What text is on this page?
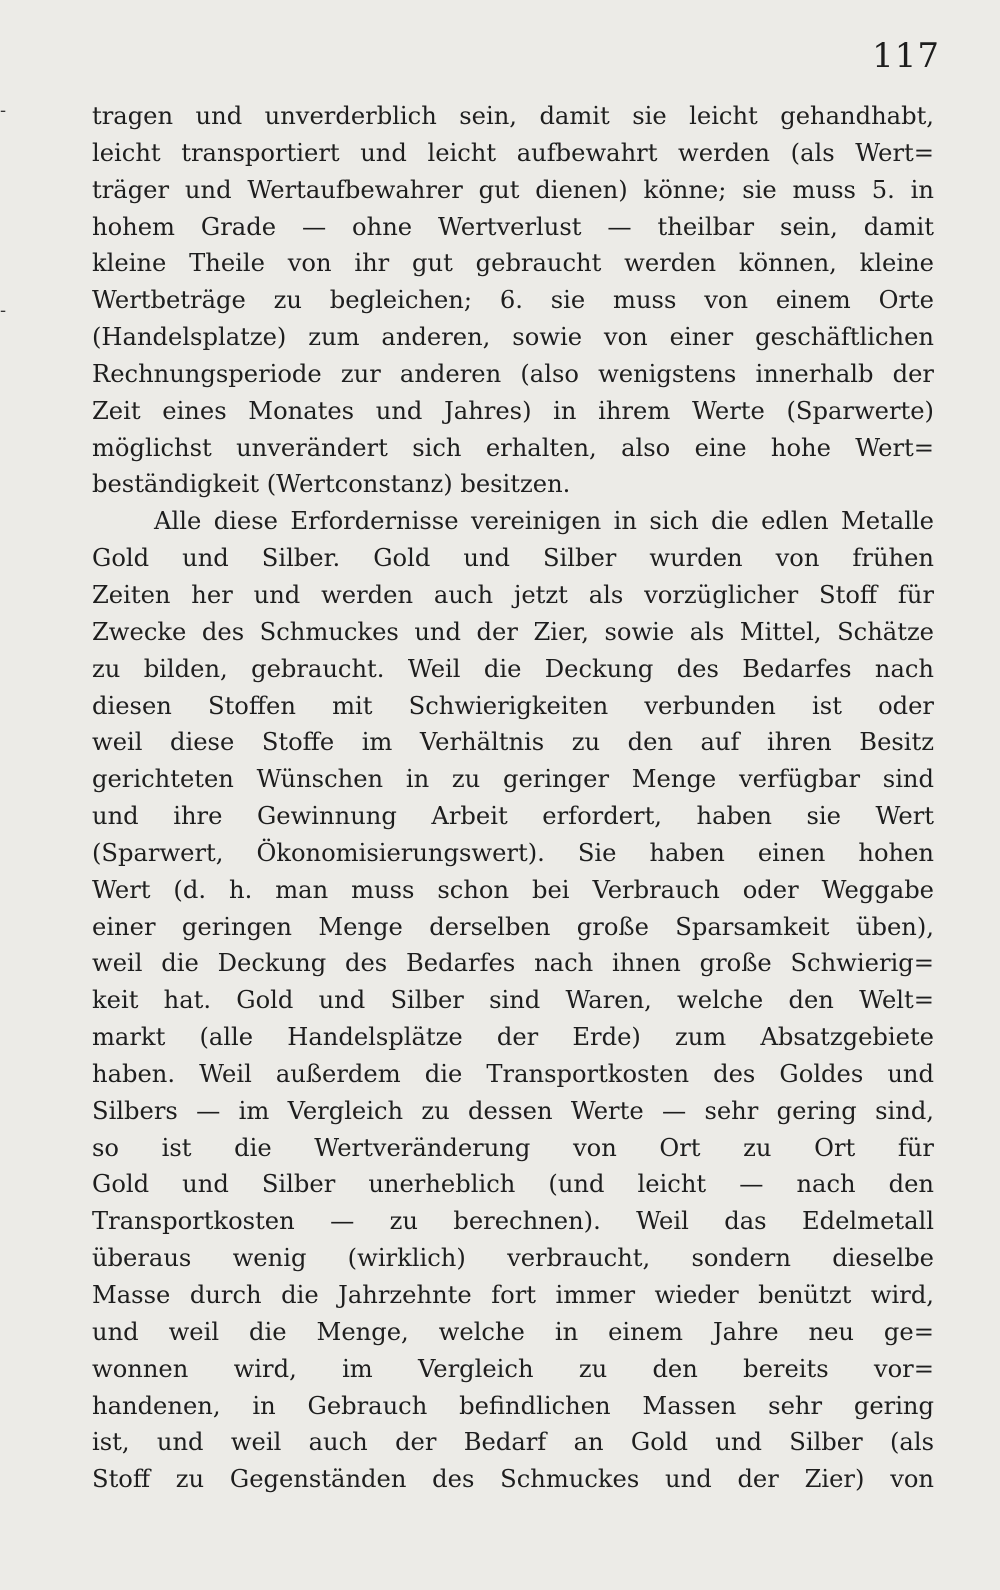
-
-
117
tragen und unverderblich sein, damit sie leicht gehandhabt,
leicht transportiert und leicht aufbewahrt werden (als Wert=
träger und Wertaufbewahrer gut dienen) könne; sie muss 5. in
hohem Grade — ohne Wertverlust — theilbar sein, damit
kleine Theile von ihr gut gebraucht werden können, kleine
Wertbeträge zu begleichen; 6. sie muss von einem Orte
(Handelsplatze) zum anderen, sowie von einer geschäftlichen
Rechnungsperiode zur anderen (also wenigstens innerhalb der
Zeit eines Monates und Jahres) in ihrem Werte (Sparwerte)
möglichst unverändert sich erhalten, also eine hohe Wert=
beständigkeit (Wertconstanz) besitzen.
Alle diese Erfordernisse vereinigen in sich die edlen Metalle
Gold und Silber. Gold und Silber wurden von frühen
Zeiten her und werden auch jetzt als vorzüglicher Stoff für
Zwecke des Schmuckes und der Zier, sowie als Mittel, Schätze
zu bilden, gebraucht. Weil die Deckung des Bedarfes nach
diesen Stoffen mit Schwierigkeiten verbunden ist oder
weil diese Stoffe im Verhältnis zu den auf ihren Besitz
gerichteten Wünschen in zu geringer Menge verfügbar sind
und ihre Gewinnung Arbeit erfordert, haben sie Wert
(Sparwert, Ökonomisierungswert). Sie haben einen hohen
Wert (d. h. man muss schon bei Verbrauch oder Weggabe
einer geringen Menge derselben große Sparsamkeit üben),
weil die Deckung des Bedarfes nach ihnen große Schwierig=
keit hat. Gold und Silber sind Waren, welche den Welt=
markt (alle Handelsplätze der Erde) zum Absatzgebiete
haben. Weil außerdem die Transportkosten des Goldes und
Silbers — im Vergleich zu dessen Werte — sehr gering sind,
so ist die Wertveränderung von Ort zu Ort für
Gold und Silber unerheblich (und leicht — nach den
Transportkosten — zu berechnen). Weil das Edelmetall
überaus wenig (wirklich) verbraucht, sondern dieselbe
Masse durch die Jahrzehnte fort immer wieder benützt wird,
und weil die Menge, welche in einem Jahre neu ge=
wonnen wird, im Vergleich zu den bereits vor=
handenen, in Gebrauch befindlichen Massen sehr gering
ist, und weil auch der Bedarf an Gold und Silber (als
Stoff zu Gegenständen des Schmuckes und der Zier) von
